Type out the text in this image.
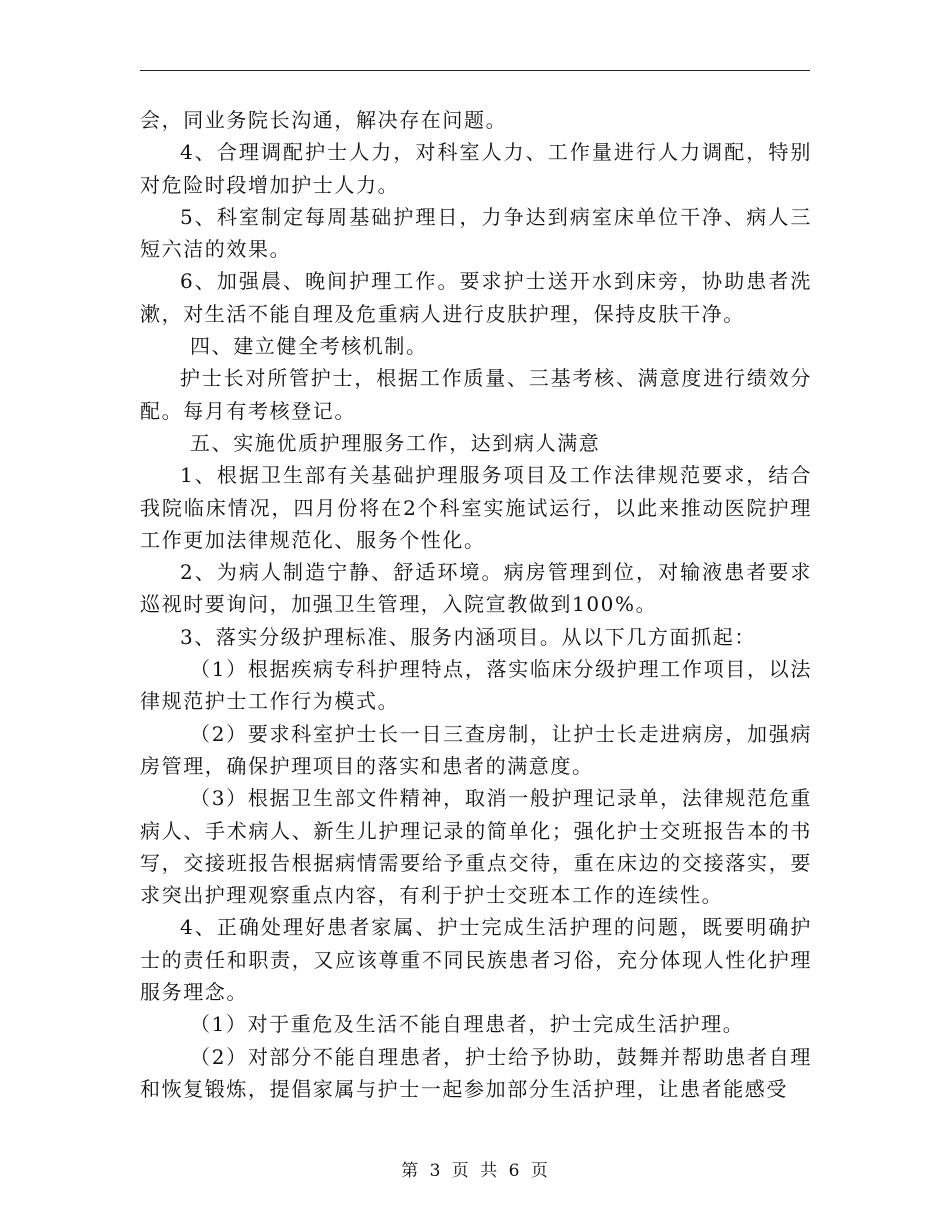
会，同业务院长沟通，解决存在问题。

4、合理调配护士人力，对科室人力、工作量进行人力调配，特别对危险时段增加护士人力。

5、科室制定每周基础护理日，力争达到病室床单位干净、病人三短六洁的效果。

6、加强晨、晚间护理工作。要求护士送开水到床旁，协助患者洗漱，对生活不能自理及危重病人进行皮肤护理，保持皮肤干净。

四、建立健全考核机制。

护士长对所管护士，根据工作质量、三基考核、满意度进行绩效分配。每月有考核登记。

五、实施优质护理服务工作，达到病人满意

1、根据卫生部有关基础护理服务项目及工作法律规范要求，结合我院临床情况，四月份将在2个科室实施试运行，以此来推动医院护理工作更加法律规范化、服务个性化。

2、为病人制造宁静、舒适环境。病房管理到位，对输液患者要求巡视时要询问，加强卫生管理，入院宣教做到100%。

3、落实分级护理标准、服务内涵项目。从以下几方面抓起：

（1）根据疾病专科护理特点，落实临床分级护理工作项目，以法律规范护士工作行为模式。

（2）要求科室护士长一日三查房制，让护士长走进病房，加强病房管理，确保护理项目的落实和患者的满意度。

（3）根据卫生部文件精神，取消一般护理记录单，法律规范危重病人、手术病人、新生儿护理记录的简单化；强化护士交班报告本的书写，交接班报告根据病情需要给予重点交待，重在床边的交接落实，要求突出护理观察重点内容，有利于护士交班本工作的连续性。

4、正确处理好患者家属、护士完成生活护理的问题，既要明确护士的责任和职责，又应该尊重不同民族患者习俗，充分体现人性化护理服务理念。

（1）对于重危及生活不能自理患者，护士完成生活护理。

（2）对部分不能自理患者，护士给予协助，鼓舞并帮助患者自理和恢复锻炼，提倡家属与护士一起参加部分生活护理，让患者能感受

第 3 页 共 6 页
